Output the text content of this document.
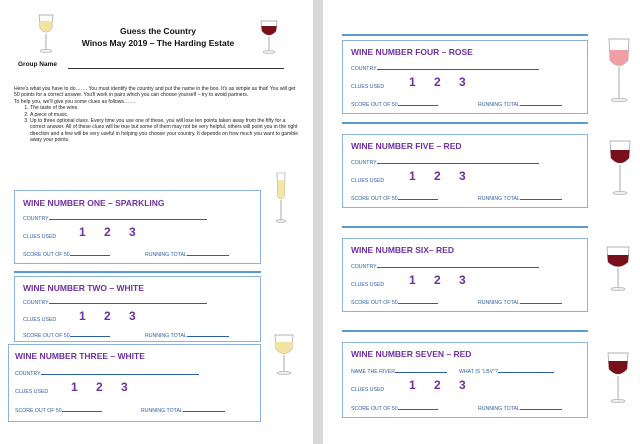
Guess the Country
Winos May 2019 – The Harding Estate
Group Name

Here's what you have to do……. You must identify the country and put the name in the box. It's as simple as that! You will get 50 points for a correct answer. You'll work in pairs which you can choose yourself – try to avoid partners.

To help you, we'll give you some clues as follows…….

1. The taste of the wine.
2. A piece of music.
3. Up to three optional clues. Every time you use one of these, you will lose ten points taken away from the fifty for a correct answer. All of these clues will be true but some of them may not be very helpful, others will point you in the right direction and a few will be very useful in helping you choose your country. It depends on how much you want to gamble away your points.
WINE NUMBER ONE – SPARKLING
COUNTRY
CLUES USED 1 2 3
SCORE OUT OF 50	RUNNING TOTAL
WINE NUMBER TWO – WHITE
COUNTRY
CLUES USED 1 2 3
SCORE OUT OF 50	RUNNING TOTAL
WINE NUMBER THREE – WHITE
COUNTRY
CLUES USED 1 2 3
SCORE OUT OF 50	RUNNING TOTAL
WINE NUMBER FOUR – ROSE
COUNTRY
CLUES USED 1 2 3
SCORE OUT OF 50	RUNNING TOTAL
WINE NUMBER FIVE – RED
COUNTRY
CLUES USED 1 2 3
SCORE OUT OF 50	RUNNING TOTAL
WINE NUMBER SIX– RED
COUNTRY
CLUES USED 1 2 3
SCORE OUT OF 50	RUNNING TOTAL
WINE NUMBER SEVEN – RED
NAME THE RIVER	WHAT IS “LBV”?
CLUES USED 1 2 3
SCORE OUT OF 50	RUNNING TOTAL
